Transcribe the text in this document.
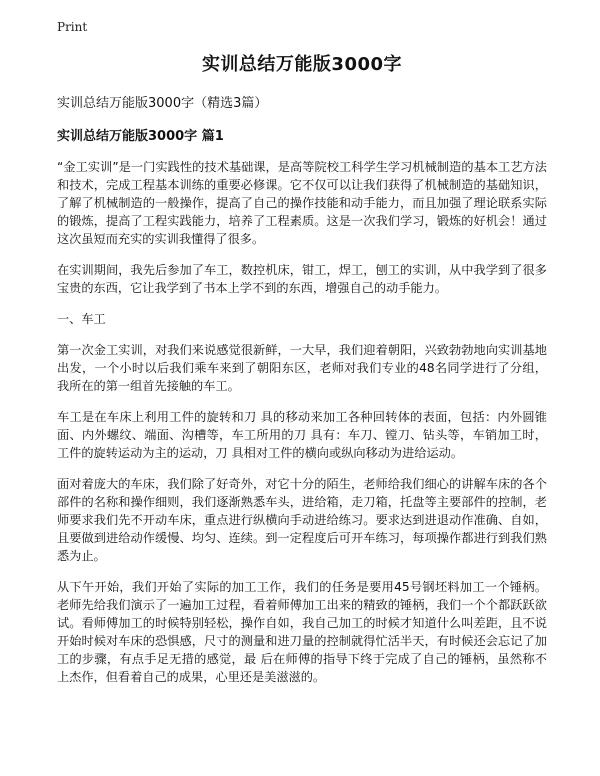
Print
实训总结万能版3000字
实训总结万能版3000字（精选3篇）
实训总结万能版3000字 篇1

“金工实训”是一门实践性的技术基础课，是高等院校工科学生学习机械制造的基本工艺方法和技术，完成工程基本训练的重要必修课。它不仅可以让我们获得了机械制造的基础知识，了解了机械制造的一般操作，提高了自己的操作技能和动手能力，而且加强了理论联系实际的锻炼，提高了工程实践能力，培养了工程素质。这是一次我们学习，锻炼的好机会！通过这次虽短而充实的实训我懂得了很多。

在实训期间，我先后参加了车工，数控机床，钳工，焊工，刨工的实训，从中我学到了很多宝贵的东西，它让我学到了书本上学不到的东西，增强自己的动手能力。

一、车工

第一次金工实训，对我们来说感觉很新鲜，一大早，我们迎着朝阳，兴致勃勃地向实训基地出发，一个小时以后我们乘车来到了朝阳东区，老师对我们专业的48名同学进行了分组，我所在的第一组首先接触的车工。

车工是在车床上利用工件的旋转和刀 具的移动来加工各种回转体的表面，包括：内外圆锥面、内外螺纹、端面、沟槽等，车工所用的刀 具有：车刀、镗刀、钻头等，车销加工时，工件的旋转运动为主的运动，刀 具相对工件的横向或纵向移动为进给运动。

面对着庞大的车床，我们除了好奇外，对它十分的陌生，老师给我们细心的讲解车床的各个部件的名称和操作细则，我们逐渐熟悉车头，进给箱，走刀箱，托盘等主要部件的控制，老师要求我们先不开动车床，重点进行纵横向手动进给练习。要求达到进退动作准确、自如，且要做到进给动作缓慢、均匀、连续。到一定程度后可开车练习，每项操作都进行到我们熟悉为止。

从下午开始，我们开始了实际的加工工作，我们的任务是要用45号钢坯料加工一个锤柄。老师先给我们演示了一遍加工过程，看着师傅加工出来的精致的锤柄，我们一个个都跃跃欲试。看师傅加工的时候特别轻松，操作自如，我自己加工的时候才知道什么叫差距，且不说开始时候对车床的恐惧感，尺寸的测量和进刀量的控制就得忙活半天，有时候还会忘记了加工的步骤，有点手足无措的感觉，最 后在师傅的指导下终于完成了自己的锤柄，虽然称不上杰作，但看着自己的成果，心里还是美滋滋的。
